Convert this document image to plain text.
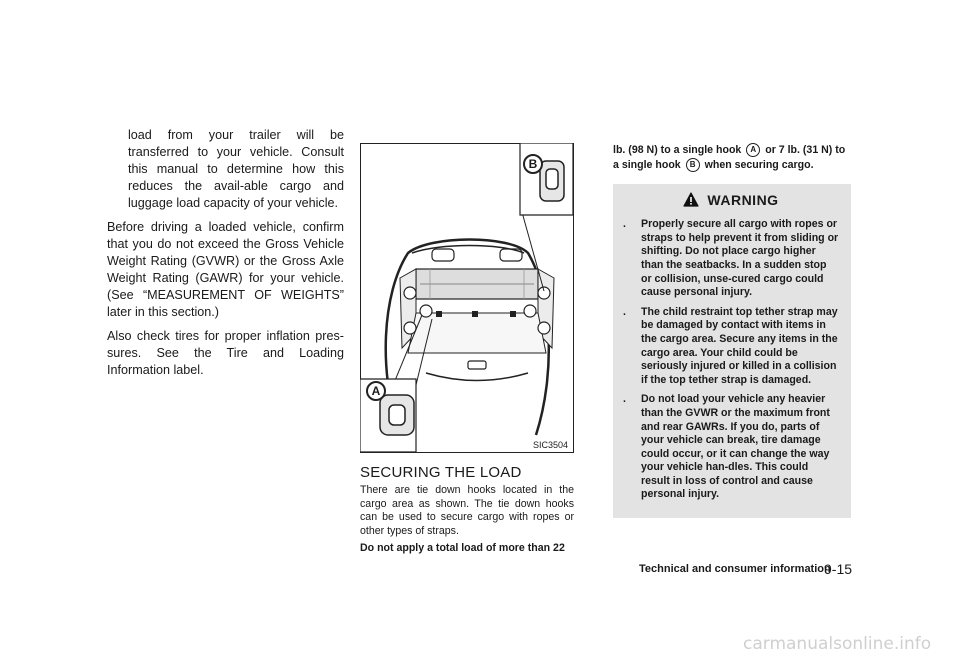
load from your trailer will be transferred to your vehicle. Consult this manual to determine how this reduces the avail-able cargo and luggage load capacity of your vehicle.

Before driving a loaded vehicle, confirm that you do not exceed the Gross Vehicle Weight Rating (GVWR) or the Gross Axle Weight Rating (GAWR) for your vehicle. (See “MEASUREMENT OF WEIGHTS” later in this section.)

Also check tires for proper inflation pres-sures. See the Tire and Loading Information label.

B
A
SIC3504
SECURING THE LOAD

There are tie down hooks located in the cargo area as shown. The tie down hooks can be used to secure cargo with ropes or other types of straps.

Do not apply a total load of more than 22

lb. (98 N) to a single hook A or 7 lb. (31 N) to a single hook B when securing cargo.

WARNING
.	Properly secure all cargo with ropes or straps to help prevent it from sliding or shifting. Do not place cargo higher than the seatbacks. In a sudden stop or collision, unse-cured cargo could cause personal injury.
.	The child restraint top tether strap may be damaged by contact with items in the cargo area. Secure any items in the cargo area. Your child could be seriously injured or killed in a collision if the top tether strap is damaged.
.	Do not load your vehicle any heavier than the GVWR or the maximum front and rear GAWRs. If you do, parts of your vehicle can break, tire damage could occur, or it can change the way your vehicle han-dles. This could result in loss of control and cause personal injury.
Technical and consumer information
9-15
carmanualsonline.info
